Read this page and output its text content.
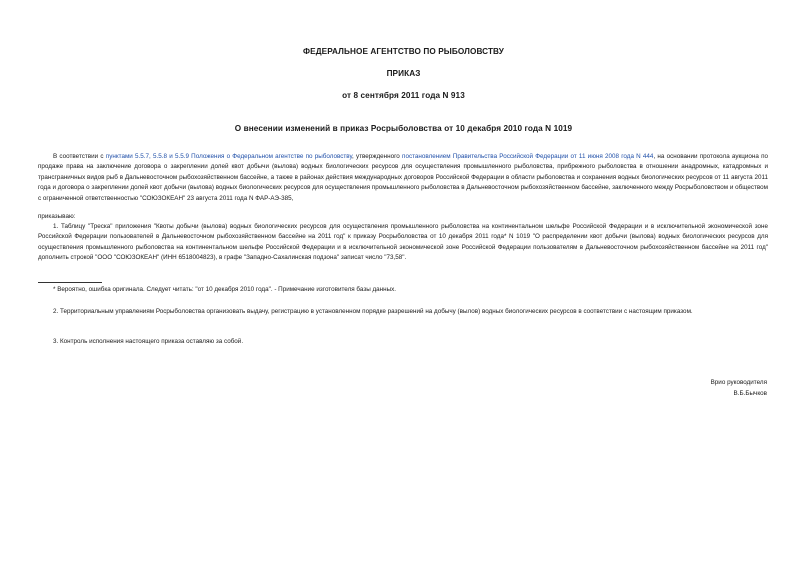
ФЕДЕРАЛЬНОЕ АГЕНТСТВО ПО РЫБОЛОВСТВУ
ПРИКАЗ
от 8 сентября 2011 года N 913
О внесении изменений в приказ Росрыболовства от 10 декабря 2010 года N 1019
В соответствии с пунктами 5.5.7, 5.5.8 и 5.5.9 Положения о Федеральном агентстве по рыболовству, утвержденного постановлением Правительства Российской Федерации от 11 июня 2008 года N 444, на основании протокола аукциона по продаже права на заключение договора о закреплении долей квот добычи (вылова) водных биологических ресурсов для осуществления промышленного рыболовства, прибрежного рыболовства в отношении анадромных, катадромных и трансграничных видов рыб в Дальневосточном рыбохозяйственном бассейне, а также в районах действия международных договоров Российской Федерации в области рыболовства и сохранения водных биологических ресурсов от 11 августа 2011 года и договора о закреплении долей квот добычи (вылова) водных биологических ресурсов для осуществления промышленного рыболовства в Дальневосточном рыбохозяйственном бассейне, заключенного между Росрыболовством и обществом с ограниченной ответственностью "СОЮЗОКЕАН" 23 августа 2011 года N ФАР-АЭ-385,
приказываю:
1. Таблицу "Треска" приложения "Квоты добычи (вылова) водных биологических ресурсов для осуществления промышленного рыболовства на континентальном шельфе Российской Федерации и в исключительной экономической зоне Российской Федерации пользователей в Дальневосточном рыбохозяйственном бассейне на 2011 год" к приказу Росрыболовства от 10 декабря 2011 года* N 1019 "О распределении квот добычи (вылова) водных биологических ресурсов для осуществления промышленного рыболовства на континентальном шельфе Российской Федерации и в исключительной экономической зоне Российской Федерации пользователям в Дальневосточном рыбохозяйственном бассейне на 2011 год" дополнить строкой "ООО "СОЮЗОКЕАН" (ИНН 6518004823), в графе "Западно-Сахалинская подзона" записат число "73,58".
* Вероятно, ошибка оригинала. Следует читать: "от 10 декабря 2010 года". - Примечание изготовителя базы данных.
2. Территориальным управлениям Росрыболовства организовать выдачу, регистрацию в установленном порядке разрешений на добычу (вылов) водных биологических ресурсов в соответствии с настоящим приказом.
3. Контроль исполнения настоящего приказа оставляю за собой.
Врио руководителя
В.Б.Бычков
